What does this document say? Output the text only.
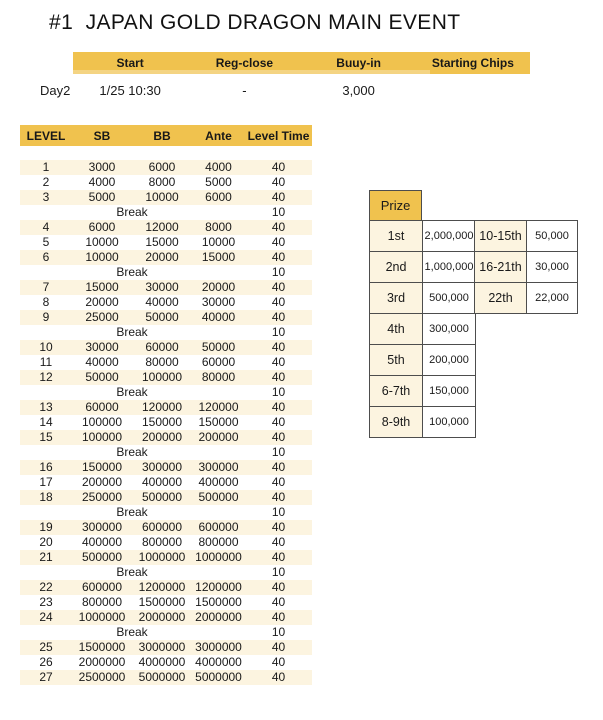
#1  JAPAN GOLD DRAGON MAIN EVENT
Start	Reg-close	Buuy-in	Starting Chips
Day2	1/25 10:30	-	3,000
LEVEL	SB	BB	Ante	Level Time

1	3000	6000	4000	40
2	4000	8000	5000	40
3	5000	10000	6000	40
	Break			10
4	6000	12000	8000	40
5	10000	15000	10000	40
6	10000	20000	15000	40
	Break			10
7	15000	30000	20000	40
8	20000	40000	30000	40
9	25000	50000	40000	40
	Break			10
10	30000	60000	50000	40
11	40000	80000	60000	40
12	50000	100000	80000	40
	Break			10
13	60000	120000	120000	40
14	100000	150000	150000	40
15	100000	200000	200000	40
	Break			10
16	150000	300000	300000	40
17	200000	400000	400000	40
18	250000	500000	500000	40
	Break			10
19	300000	600000	600000	40
20	400000	800000	800000	40
21	500000	1000000	1000000	40
	Break			10
22	600000	1200000	1200000	40
23	800000	1500000	1500000	40
24	1000000	2000000	2000000	40
	Break			10
25	1500000	3000000	3000000	40
26	2000000	4000000	4000000	40
27	2500000	5000000	5000000	40
Prize
1st	2,000,000
2nd	1,000,000
3rd	500,000
4th	300,000
5th	200,000
6-7th	150,000
8-9th	100,000
10-15th	50,000
16-21th	30,000
22th	22,000
